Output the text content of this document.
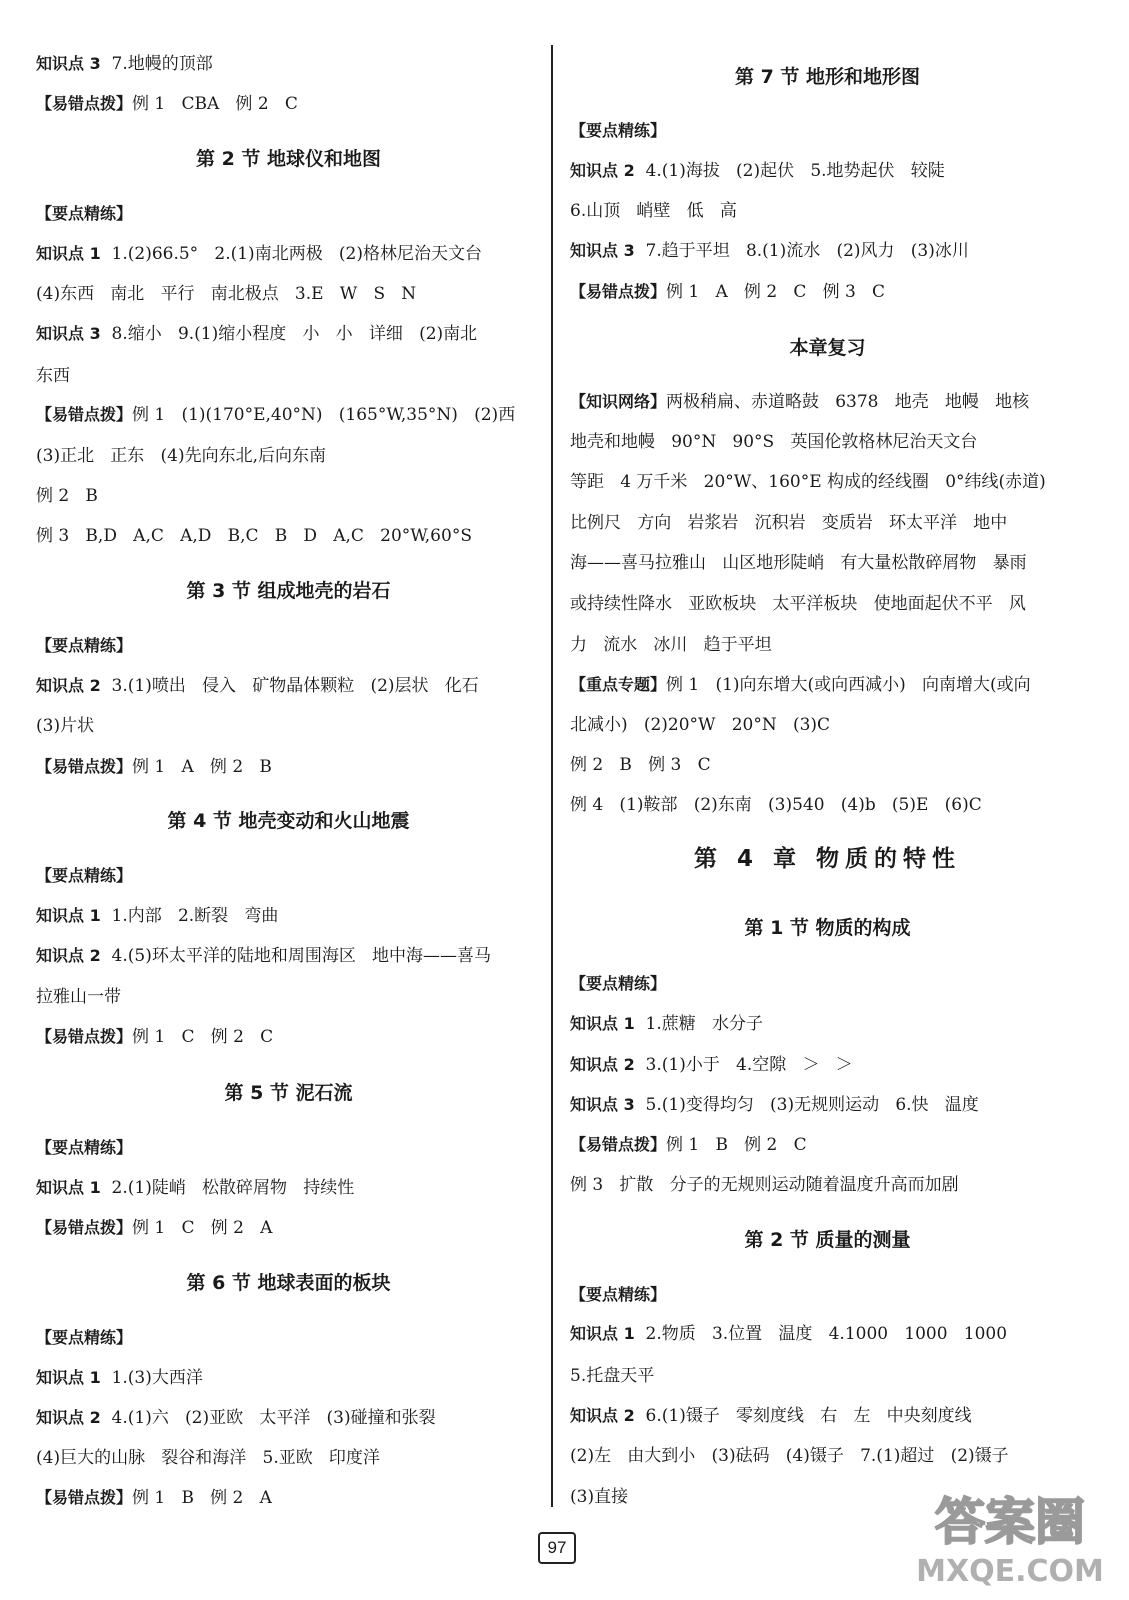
知识点 3  7.地幔的顶部
【易错点拨】例 1   CBA   例 2   C
第 2 节 地球仪和地图
【要点精练】
知识点 1  1.(2)66.5°   2.(1)南北两极   (2)格林尼治天文台
(4)东西   南北   平行   南北极点   3.E   W   S   N
知识点 3  8.缩小   9.(1)缩小程度   小   小   详细   (2)南北
东西
【易错点拨】例 1   (1)(170°E,40°N)   (165°W,35°N)   (2)西
(3)正北   正东   (4)先向东北,后向东南
例 2   B
例 3   B,D   A,C   A,D   B,C   B   D   A,C   20°W,60°S
第 3 节 组成地壳的岩石
【要点精练】
知识点 2  3.(1)喷出   侵入   矿物晶体颗粒   (2)层状   化石
(3)片状
【易错点拨】例 1   A   例 2   B
第 4 节 地壳变动和火山地震
【要点精练】
知识点 1  1.内部   2.断裂   弯曲
知识点 2  4.(5)环太平洋的陆地和周围海区   地中海——喜马
拉雅山一带
【易错点拨】例 1   C   例 2   C
第 5 节 泥石流
【要点精练】
知识点 1  2.(1)陡峭   松散碎屑物   持续性
【易错点拨】例 1   C   例 2   A
第 6 节 地球表面的板块
【要点精练】
知识点 1  1.(3)大西洋
知识点 2  4.(1)六   (2)亚欧   太平洋   (3)碰撞和张裂
(4)巨大的山脉   裂谷和海洋   5.亚欧   印度洋
【易错点拨】例 1   B   例 2   A
第 7 节 地形和地形图
【要点精练】
知识点 2  4.(1)海拔   (2)起伏   5.地势起伏   较陡
6.山顶   峭壁   低   高
知识点 3  7.趋于平坦   8.(1)流水   (2)风力   (3)冰川
【易错点拨】例 1   A   例 2   C   例 3   C
本章复习
【知识网络】两极稍扁、赤道略鼓   6378   地壳   地幔   地核
地壳和地幔   90°N   90°S   英国伦敦格林尼治天文台
等距   4 万千米   20°W、160°E 构成的经线圈   0°纬线(赤道)
比例尺   方向   岩浆岩   沉积岩   变质岩   环太平洋   地中
海——喜马拉雅山   山区地形陡峭   有大量松散碎屑物   暴雨
或持续性降水   亚欧板块   太平洋板块   使地面起伏不平   风
力   流水   冰川   趋于平坦
【重点专题】例 1   (1)向东增大(或向西减小)   向南增大(或向
北减小)   (2)20°W   20°N   (3)C
例 2   B   例 3   C
例 4   (1)鞍部   (2)东南   (3)540   (4)b   (5)E   (6)C
第 4 章 物质的特性
第 1 节 物质的构成
【要点精练】
知识点 1  1.蔗糖   水分子
知识点 2  3.(1)小于   4.空隙   ＞   ＞
知识点 3  5.(1)变得均匀   (3)无规则运动   6.快   温度
【易错点拨】例 1   B   例 2   C
例 3   扩散   分子的无规则运动随着温度升高而加剧
第 2 节 质量的测量
【要点精练】
知识点 1  2.物质   3.位置   温度   4.1000   1000   1000
5.托盘天平
知识点 2  6.(1)镊子   零刻度线   右   左   中央刻度线
(2)左   由大到小   (3)砝码   (4)镊子   7.(1)超过   (2)镊子
(3)直接
97	答案圈
MXQE.COM
